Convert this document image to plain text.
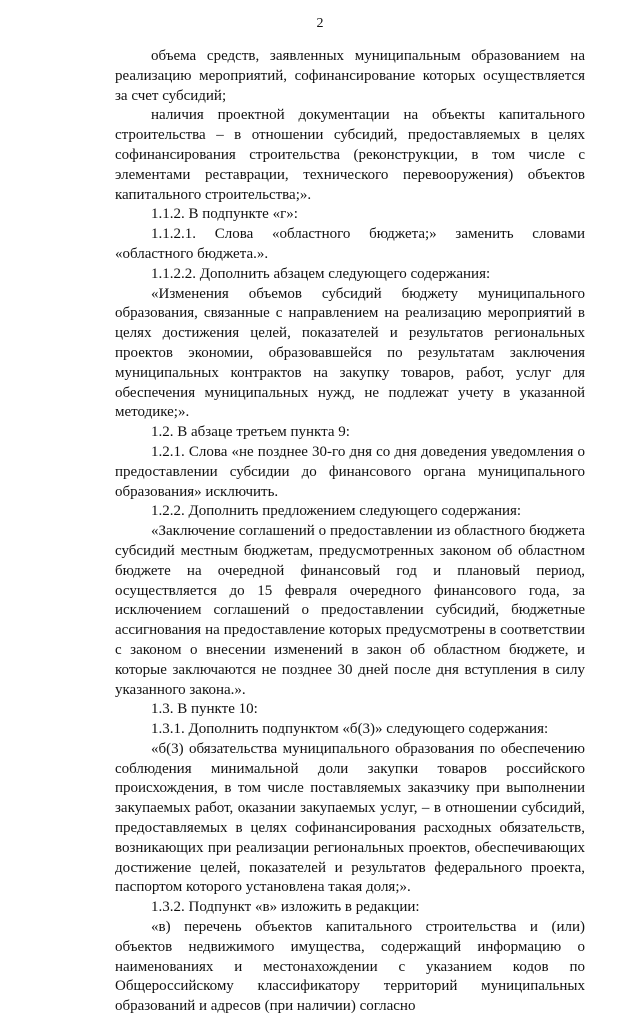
2

объема средств, заявленных муниципальным образованием на реализацию мероприятий, софинансирование которых осуществляется за счет субсидий;

наличия проектной документации на объекты капитального строительства – в отношении субсидий, предоставляемых в целях софинансирования строительства (реконструкции, в том числе с элементами реставрации, технического перевооружения) объектов капитального строительства;».

1.1.2. В подпункте «г»:

1.1.2.1. Слова «областного бюджета;» заменить словами «областного бюджета.».

1.1.2.2. Дополнить абзацем следующего содержания:

«Изменения объемов субсидий бюджету муниципального образования, связанные с направлением на реализацию мероприятий в целях достижения целей, показателей и результатов региональных проектов экономии, образовавшейся по результатам заключения муниципальных контрактов на закупку товаров, работ, услуг для обеспечения муниципальных нужд, не подлежат учету в указанной методике;».

1.2. В абзаце третьем пункта 9:

1.2.1. Слова «не позднее 30-го дня со дня доведения уведомления о предоставлении субсидии до финансового органа муниципального образования» исключить.

1.2.2. Дополнить предложением следующего содержания:

«Заключение соглашений о предоставлении из областного бюджета субсидий местным бюджетам, предусмотренных законом об областном бюджете на очередной финансовый год и плановый период, осуществляется до 15 февраля очередного финансового года, за исключением соглашений о предоставлении субсидий, бюджетные ассигнования на предоставление которых предусмотрены в соответствии с законом о внесении изменений в закон об областном бюджете, и которые заключаются не позднее 30 дней после дня вступления в силу указанного закона.».

1.3. В пункте 10:

1.3.1. Дополнить подпунктом «б(3)» следующего содержания:

«б(3) обязательства муниципального образования по обеспечению соблюдения минимальной доли закупки товаров российского происхождения, в том числе поставляемых заказчику при выполнении закупаемых работ, оказании закупаемых услуг, – в отношении субсидий, предоставляемых в целях софинансирования расходных обязательств, возникающих при реализации региональных проектов, обеспечивающих достижение целей, показателей и результатов федерального проекта, паспортом которого установлена такая доля;».

1.3.2. Подпункт «в» изложить в редакции:

«в) перечень объектов капитального строительства и (или) объектов недвижимого имущества, содержащий информацию о наименованиях и местонахождении с указанием кодов по Общероссийскому классификатору территорий муниципальных образований и адресов (при наличии) согласно
